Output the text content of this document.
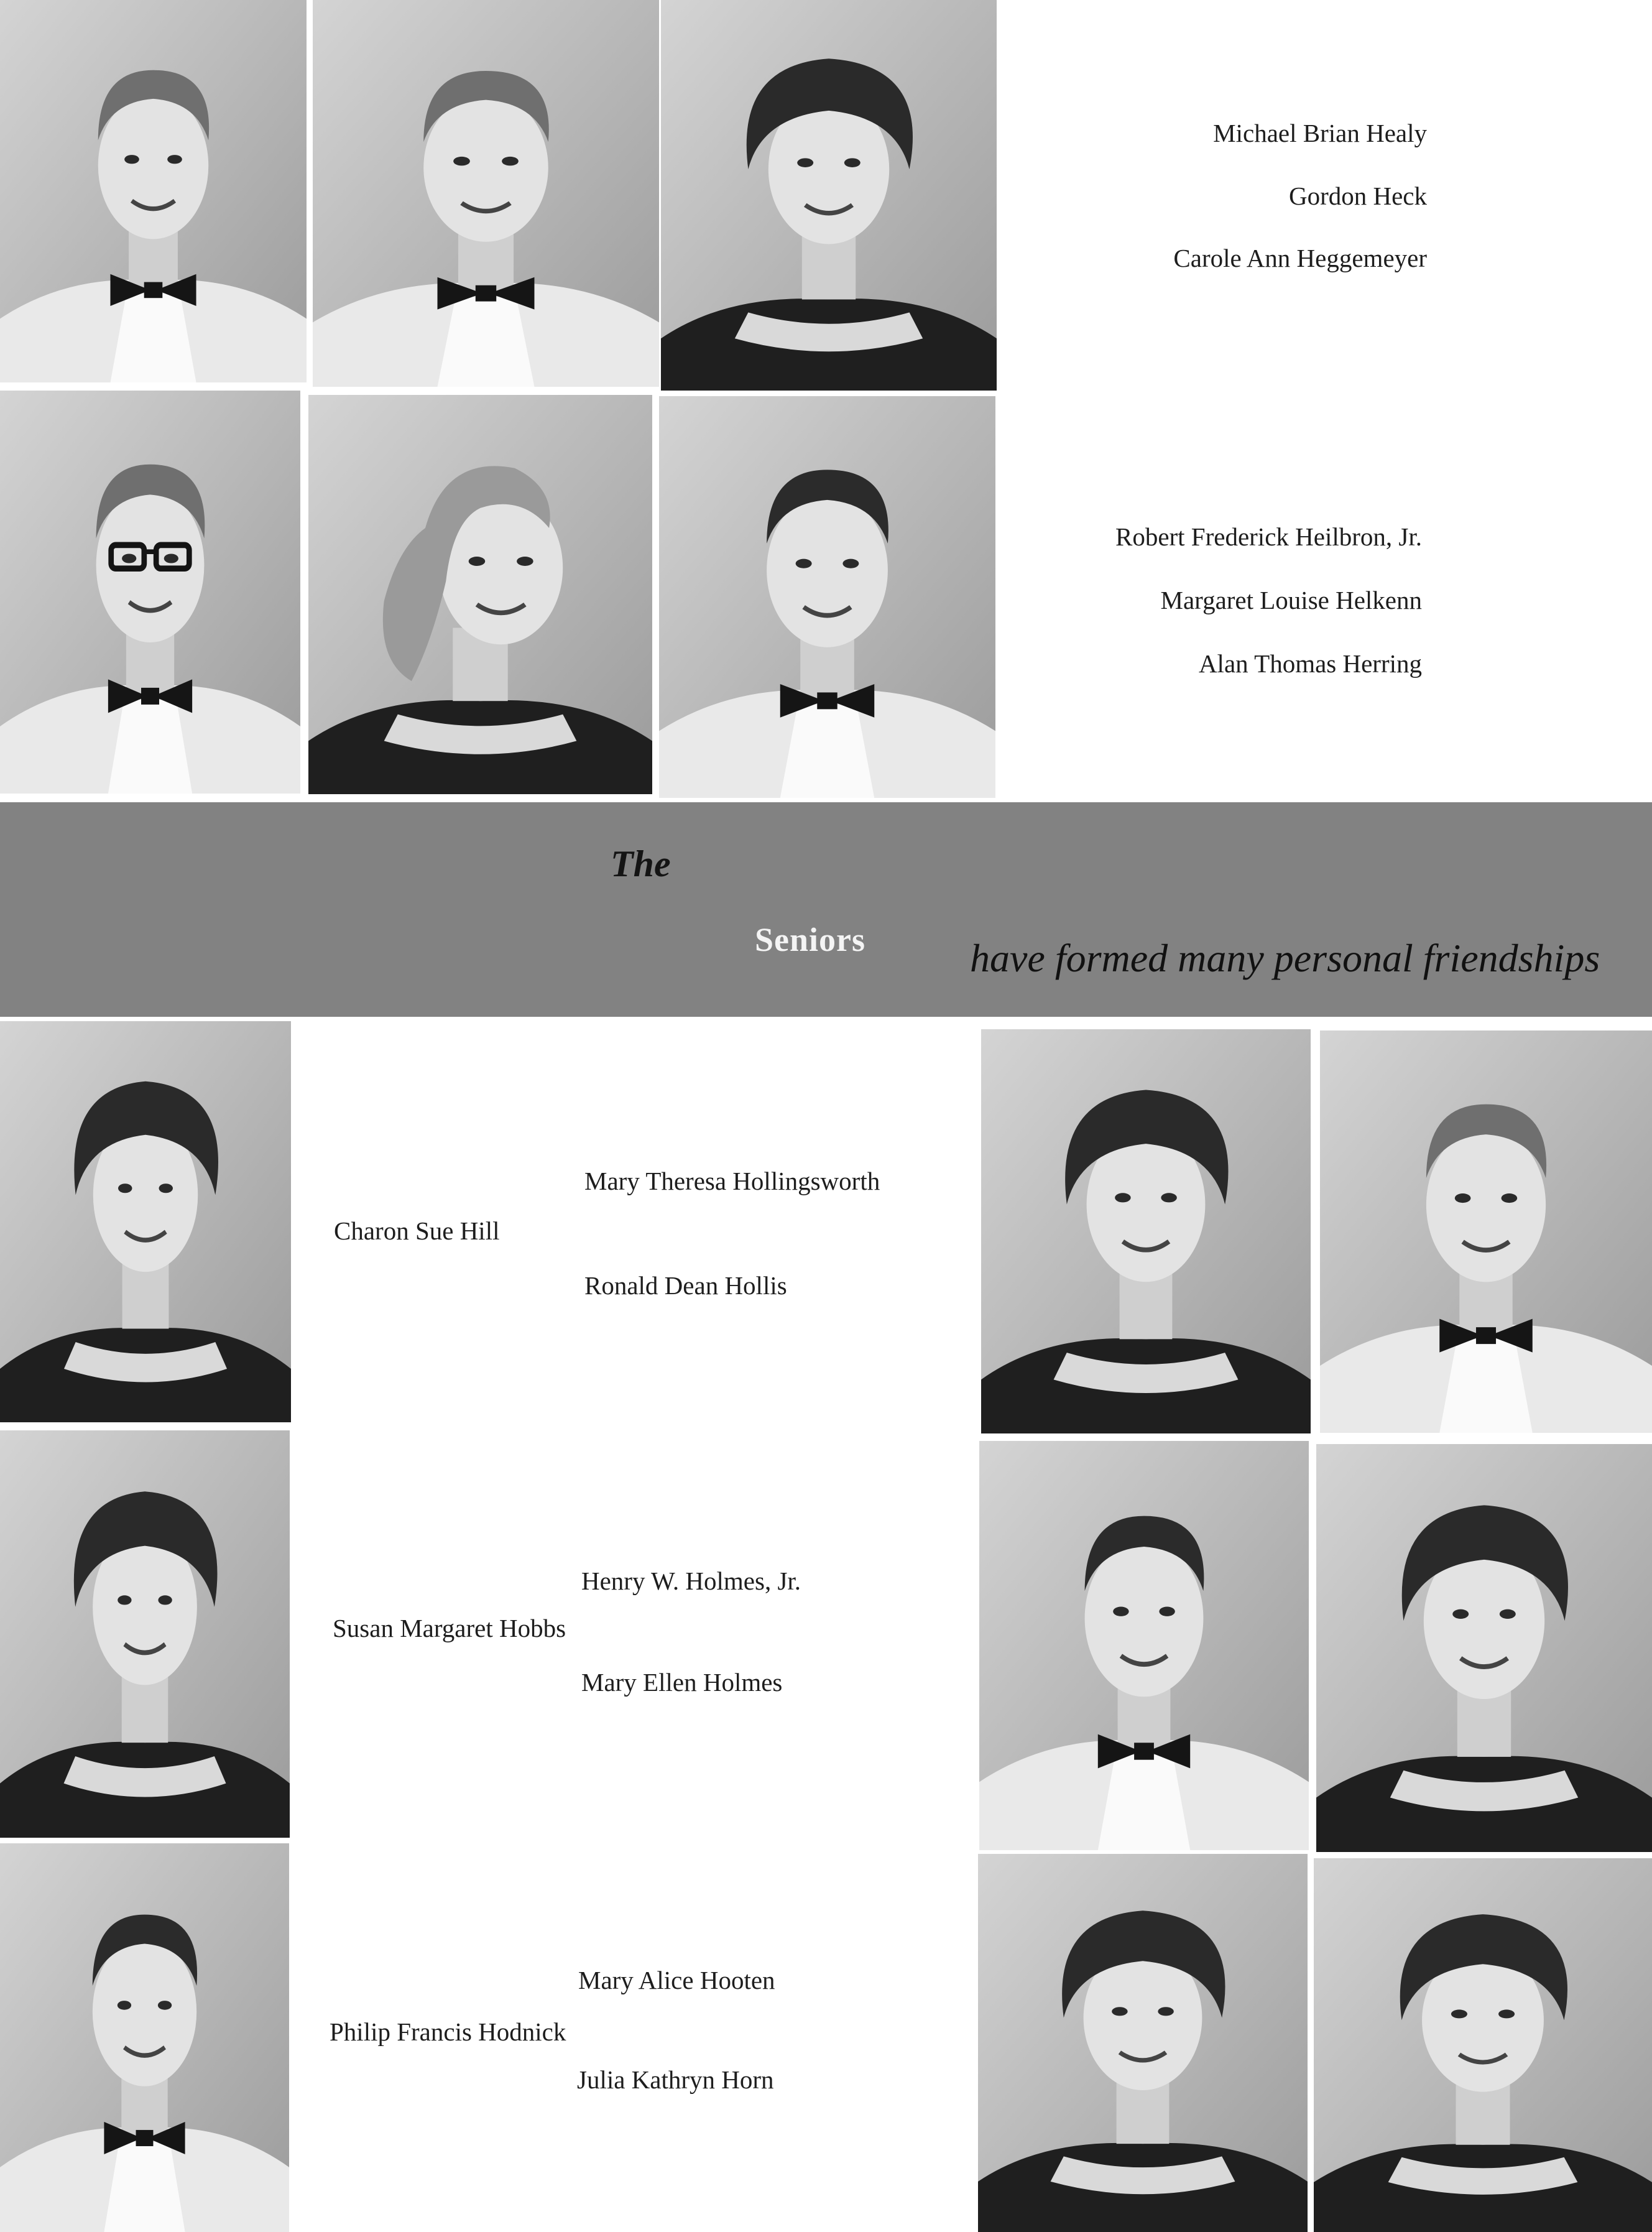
Michael Brian Healy
Gordon Heck
Carole Ann Heggemeyer
Robert Frederick Heilbron, Jr.
Margaret Louise Helkenn
Alan Thomas Herring
The
Seniors	have formed many personal friendships
Mary Theresa Hollingsworth
Charon Sue Hill
Ronald Dean Hollis
Henry W. Holmes, Jr.
Susan Margaret Hobbs
Mary Ellen Holmes
Mary Alice Hooten
Philip Francis Hodnick
Julia Kathryn Horn
